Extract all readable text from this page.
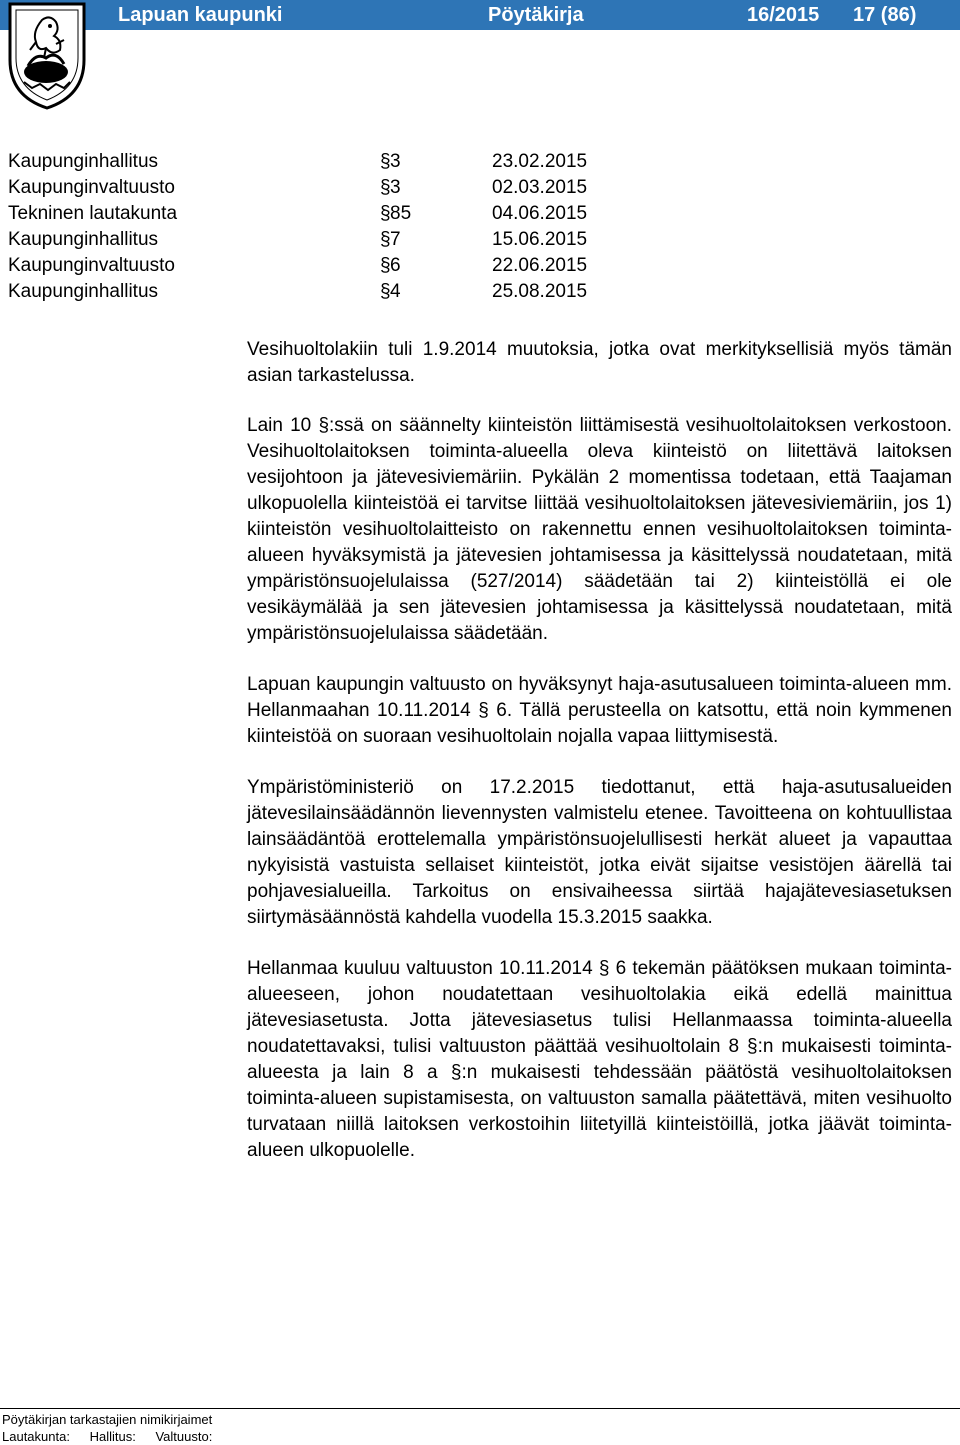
Lapuan kaupunki	Pöytäkirja	16/2015 17 (86)
Kaupunginhallitus	§ 3	23.02.2015
Kaupunginvaltuusto	§ 3	02.03.2015
Tekninen lautakunta	§ 85	04.06.2015
Kaupunginhallitus	§ 7	15.06.2015
Kaupunginvaltuusto	§ 6	22.06.2015
Kaupunginhallitus	§ 4	25.08.2015

Vesihuoltolakiin tuli 1.9.2014 muutoksia, jotka ovat merkityksellisiä myös tämän asian tarkastelussa.

Lain 10 §:ssä on säännelty kiinteistön liittämisestä vesihuoltolaitoksen verkostoon. Vesihuoltolaitoksen toiminta-alueella oleva kiinteistö on liitettävä laitoksen vesijohtoon ja jätevesiviemäriin. Pykälän 2 momentissa todetaan, että Taajaman ulkopuolella kiinteistöä ei tarvitse liittää vesihuoltolaitoksen jätevesiviemäriin, jos 1) kiinteistön vesihuoltolaitteisto on rakennettu ennen vesihuoltolaitoksen toiminta-alueen hyväksymistä ja jätevesien johtamisessa ja käsittelyssä noudatetaan, mitä ympäristönsuojelulaissa (527/2014) säädetään tai 2) kiinteistöllä ei ole vesikäymälää ja sen jätevesien johtamisessa ja käsittelyssä noudatetaan, mitä ympäristönsuojelulaissa säädetään.

Lapuan kaupungin valtuusto on hyväksynyt haja-asutusalueen toiminta-alueen mm. Hellanmaahan 10.11.2014 § 6. Tällä perusteella on katsottu, että noin kymmenen kiinteistöä on suoraan vesihuoltolain nojalla vapaa liittymisestä.

Ympäristöministeriö on 17.2.2015 tiedottanut, että haja-asutusalueiden jätevesilainsäädännön lievennysten valmistelu etenee. Tavoitteena on kohtuullistaa lainsäädäntöä erottelemalla ympäristönsuojelullisesti herkät alueet ja vapauttaa nykyisistä vastuista sellaiset kiinteistöt, jotka eivät sijaitse vesistöjen äärellä tai pohjavesialueilla. Tarkoitus on ensivaiheessa siirtää hajajätevesiasetuksen siirtymäsäännöstä kahdella vuodella 15.3.2015 saakka.

Hellanmaa kuuluu valtuuston 10.11.2014 § 6 tekemän päätöksen mukaan toiminta-alueeseen, johon noudatettaan vesihuoltolakia eikä edellä mainittua jätevesiasetusta. Jotta jätevesiasetus tulisi Hellanmaassa toiminta-alueella noudatettavaksi, tulisi valtuuston päättää vesihuoltolain 8 §:n mukaisesti toiminta-alueesta ja lain 8 a §:n mukaisesti tehdessään päätöstä vesihuoltolaitoksen toiminta-alueen supistamisesta, on valtuuston samalla päätettävä, miten vesihuolto turvataan niillä laitoksen verkostoihin liitetyillä kiinteistöillä, jotka jäävät toiminta-alueen ulkopuolelle.

Pöytäkirjan tarkastajien nimikirjaimet
Lautakunta: Hallitus: Valtuusto:
